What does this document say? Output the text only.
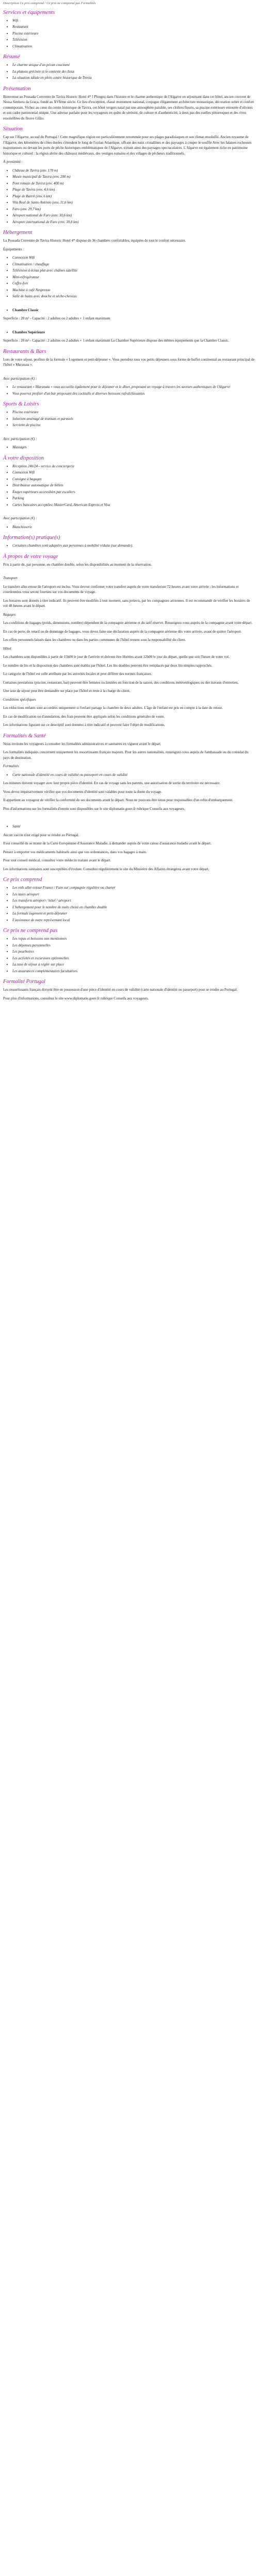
Description Ce prix comprend / Ce prix ne comprend pas Formalités
Services et équipements
• Wifi
• Restaurant
• Piscine extérieure
• Télévision
• Climatisation
Résumé
• Le charme unique d'un pécan coucouné
• La plateau grécisée et le contexte des lieux
• La situation idéale en plein centre historique de Trevia
Présentation

Bienvenue au Pousada Convento de Tavira Historic Hotel 4* ! Plongez dans l'histoire et le charme authentique de l'Algarve en séjournant dans cet hôtel, ancien couvent de Nossa Senhora da Graça, fondé au XVIème siècle. Ce lieu d'exception, classé monument national, conjugue élégamment architecture monastique, décoration sobre et confort contemporain. Vichez au cœur du centre historique de Tavira, cet hôtel vergers natal par une atmosphère paisible, ses cloîtres fleuris, sa piscine extérieure entourée d'oliviers et son cadre patrimonial unique. Une adresse parfaite pour les voyageurs en quête de sérénité, de culture et d'authenticité, à deux pas des ruelles pittoresques et des rives ensoleillées du fleuve Gilão.

Situation

Cap sur l'Algarve, au sud du Portugal ! Cette magnifique région est particulièrement renommée pour ses plages paradisiaques et son climat ensoleillé. Ancien royaume de l'Algarve, des kilomètres de côtes dorées s'étendent le long de l'océan Atlantique, offrant des eaux cristallines et des paysages à couper le souffle Avec les falaises rocheuses majestueuses ou devant les ports de pêche historiques emblématiques de l'Algarve, n'étant ainsi des paysages spectaculaires. L'Algarve est également riche en patrimoine historique et culturel : la région abrite des châteaux médiévaux, des vestiges romains et des villages de pêcheurs traditionnels.

À proximité :

• Château de Tavira (env. 170 m)
• Musée municipal de Tavira (env. 200 m)
• Pont romain de Tavira (env. 400 m)
• Plage de Tavira (env. 4,6 km)
• Plage de Barril (env. 6 km)
• Vila Real de Santo António (env. 31,6 km)
• Faro (env. 29,7 km)
• Aéroport national de Faro (env. 30,6 km)
• Aéroport international de Faro (env. 38,8 km)
Hébergement

La Pousada Convento de Tavira Historic Hotel 4* dispose de 36 chambres confortables, équipées de tout le confort nécessaire.

Équipements :

• Connexion Wifi
• Climatisation / chauffage
• Télévision à écran plat avec chaînes satellite
• Mini-réfrigérateur
• Coffre-fort
• Machine à café Nespresso
• Salle de bains avec douche et sèche-cheveux
• Chambre Classic

Superficie : 20 m² - Capacité : 2 adultes ou 2 adultes + 1 enfant maximum

• Chambre Supérieure

Superficie : 20 m² - Capacité : 2 adultes ou 2 adultes + 1 enfant maximum La Chambre Supérieure dispose des mêmes équipements que la Chambre Classic.

Restaurants & Bars

Lors de votre séjour, profitez de la formule « Logement et petit-déjeuner ». Vous prendrez tous vos petits déjeuners sous forme de buffet continental au restaurant principal de l'hôtel « Maranata ».

Avec participation (€) :

• Le restaurant « Maranata » vous accueille également pour le déjeuner et le dîner, proposant un voyage à travers les saveurs authentiques de l'Algarve
• Vous pourrez profiter d'un bar proposant des cocktails et diverses boissons rafraîchissantes
Sports & Loisirs
• Piscine extérieure
• Solarium aménagé de transats et parasols
• Serviette de piscine

Avec participation (€) :

• Massages
À votre disposition
• Réception 24h/24 - service de conciergerie
• Connexion Wifi
• Consigne à bagages
• Distributeur automatique de billets
• Étages supérieurs accessibles par escaliers
• Parking
• Cartes bancaires acceptées: MasterCard, American Express et Visa

Avec participation (€) :

• Blanchisserie
Information(s) pratique(s)
• Certaines chambres sont adaptées aux personnes à mobilité réduite (sur demande).
À propos de votre voyage

Prix à partir de, par personne, en chambre double, selon les disponibilités au moment de la réservation.

Transport

Le transfert aller-retour de l'aéroport est inclus. Vous devrez confirmer votre transfert auprès de votre transferiste 72 heures avant votre arrivée ; les informations et coordonnées vous seront fournies sur vos documents de voyage.

Les horaires sont donnés à titre indicatif. Ils peuvent être modifiés à tout moment, sans préavis, par les compagnies aériennes. Il est recommandé de vérifier les horaires de vol 48 heures avant le départ.

Bagages

Les conditions de bagages (poids, dimensions, nombre) dépendent de la compagnie aérienne et du tarif réservé. Renseignez-vous auprès de la compagnie avant votre départ.

En cas de perte, de retard ou de dommage de bagages, vous devez faire une déclaration auprès de la compagnie aérienne dès votre arrivée, avant de quitter l'aéroport.

Les effets personnels laissés dans les chambres ou dans les parties communes de l'hôtel restent sous la responsabilité du client.

Hôtel

Les chambres sont disponibles à partir de 15h00 le jour de l'arrivée et doivent être libérées avant 12h00 le jour du départ, quelle que soit l'heure de votre vol.

Le nombre de lits et la disposition des chambres sont établis par l'hôtel. Les lits doubles peuvent être remplacés par deux lits simples rapprochés.

La catégorie de l'hôtel est celle attribuée par les autorités locales et peut différer des normes françaises.

Certaines prestations (piscine, restaurant, bar) peuvent être fermées ou limitées en fonction de la saison, des conditions météorologiques ou des travaux d'entretien.

Une taxe de séjour peut être demandée sur place par l'hôtel et reste à la charge du client.

Conditions spécifiques

Les réductions enfants sont accordées uniquement si l'enfant partage la chambre de deux adultes. L'âge de l'enfant est pris en compte à la date du retour.

En cas de modification ou d'annulation, des frais peuvent être appliqués selon les conditions générales de vente.

Les informations figurant sur ce descriptif sont données à titre indicatif et peuvent faire l'objet de modifications.

Formalités & Santé

Nous invitons les voyageurs à consulter les formalités administratives et sanitaires en vigueur avant le départ.

Les formalités indiquées concernent uniquement les ressortissants français majeurs. Pour les autres nationalités, renseignez-vous auprès de l'ambassade ou du consulat du pays de destination.

Formalités

• Carte nationale d'identité en cours de validité ou passeport en cours de validité

Les mineurs doivent voyager avec leur propre pièce d'identité. En cas de voyage sans les parents, une autorisation de sortie du territoire est nécessaire.

Vous devez impérativement vérifier que vos documents d'identité sont valables pour toute la durée du voyage.

Il appartient au voyageur de vérifier la conformité de ses documents avant le départ. Nous ne pouvons être tenus pour responsables d'un refus d'embarquement.

Plus d'informations sur les formalités d'entrée sont disponibles sur le site diplomatie.gouv.fr rubrique Conseils aux voyageurs.

• Santé

Aucun vaccin n'est exigé pour se rendre au Portugal.

Il est conseillé de se munir de la Carte Européenne d'Assurance Maladie, à demander auprès de votre caisse d'assurance maladie avant le départ.

Pensez à emporter vos médicaments habituels ainsi que vos ordonnances, dans vos bagages à main.

Pour tout conseil médical, consultez votre médecin traitant avant le départ.

Les informations sanitaires sont susceptibles d'évoluer. Consultez régulièrement le site du Ministère des Affaires étrangères avant votre départ.

Ce prix comprend
• Les vols aller-retour France / Faro sur compagnie régulière ou charter
• Les taxes aéroport
• Les transferts aéroport / hôtel / aéroport
• L'hébergement pour le nombre de nuits choisi en chambre double
• La formule logement et petit-déjeuner
• L'assistance de notre représentant local
Ce prix ne comprend pas
• Les repas et boissons non mentionnés
• Les dépenses personnelles
• Les pourboires
• Les activités et excursions optionnelles
• La taxe de séjour à régler sur place
• Les assurances complémentaires facultatives
Formalité Portugal

Les ressortissants français doivent être en possession d'une pièce d'identité en cours de validité (carte nationale d'identité ou passeport) pour se rendre au Portugal.

Pour plus d'informations, consultez le site www.diplomatie.gouv.fr rubrique Conseils aux voyageurs.
